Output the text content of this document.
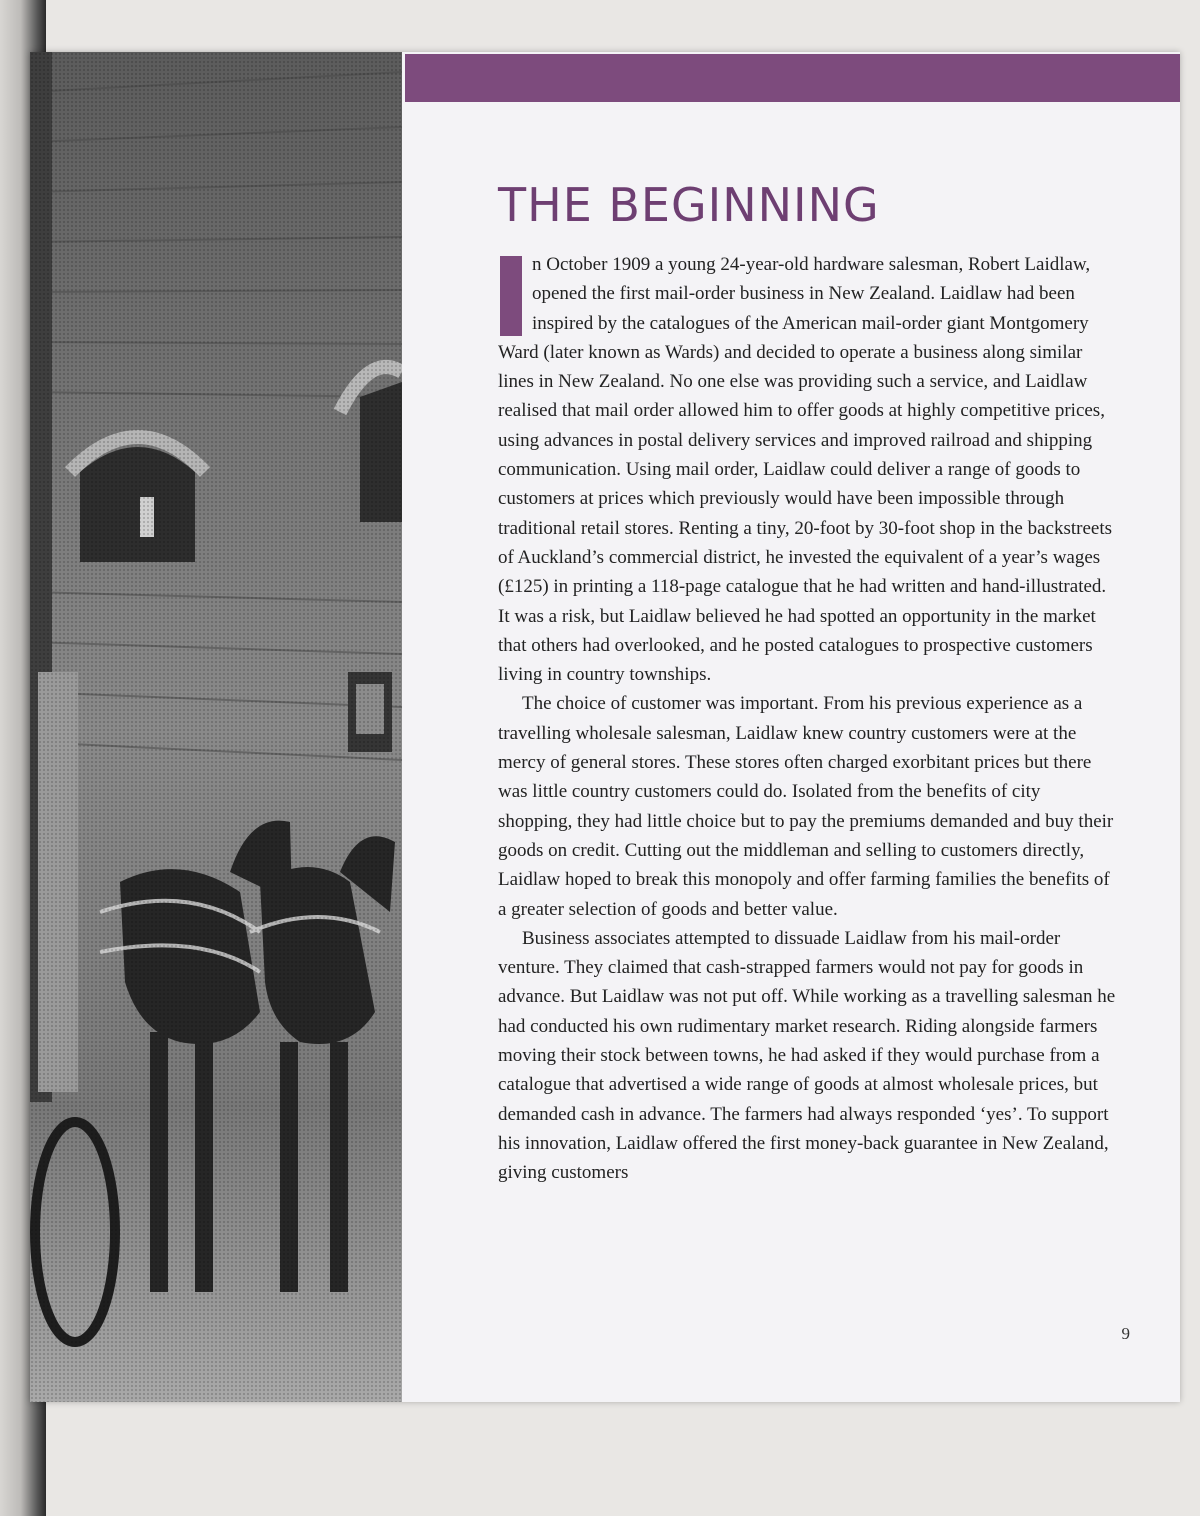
THE BEGINNING

I	n October 1909 a young 24-year-old hardware salesman, Robert Laidlaw, opened the first mail-order business in New Zealand. Laidlaw had been inspired by the catalogues of the American mail-order giant Montgomery Ward (later known as Wards) and decided to operate a business along similar lines in New Zealand. No one else was providing such a service, and Laidlaw realised that mail order allowed him to offer goods at highly competitive prices, using advances in postal delivery services and improved railroad and shipping communication. Using mail order, Laidlaw could deliver a range of goods to customers at prices which previously would have been impossible through traditional retail stores. Renting a tiny, 20-foot by 30-foot shop in the backstreets of Auckland’s commercial district, he invested the equivalent of a year’s wages (£125) in printing a 118-page catalogue that he had written and hand-illustrated. It was a risk, but Laidlaw believed he had spotted an opportunity in the market that others had overlooked, and he posted catalogues to prospective customers living in country townships.

The choice of customer was important. From his previous experience as a travelling wholesale salesman, Laidlaw knew country customers were at the mercy of general stores. These stores often charged exorbitant prices but there was little country customers could do. Isolated from the benefits of city shopping, they had little choice but to pay the premiums demanded and buy their goods on credit. Cutting out the middleman and selling to customers directly, Laidlaw hoped to break this monopoly and offer farming families the benefits of a greater selection of goods and better value.

Business associates attempted to dissuade Laidlaw from his mail-order venture. They claimed that cash-strapped farmers would not pay for goods in advance. But Laidlaw was not put off. While working as a travelling salesman he had conducted his own rudimentary market research. Riding alongside farmers moving their stock between towns, he had asked if they would purchase from a catalogue that advertised a wide range of goods at almost wholesale prices, but demanded cash in advance. The farmers had always responded ‘yes’. To support his innovation, Laidlaw offered the first money-back guarantee in New Zealand, giving customers

9
